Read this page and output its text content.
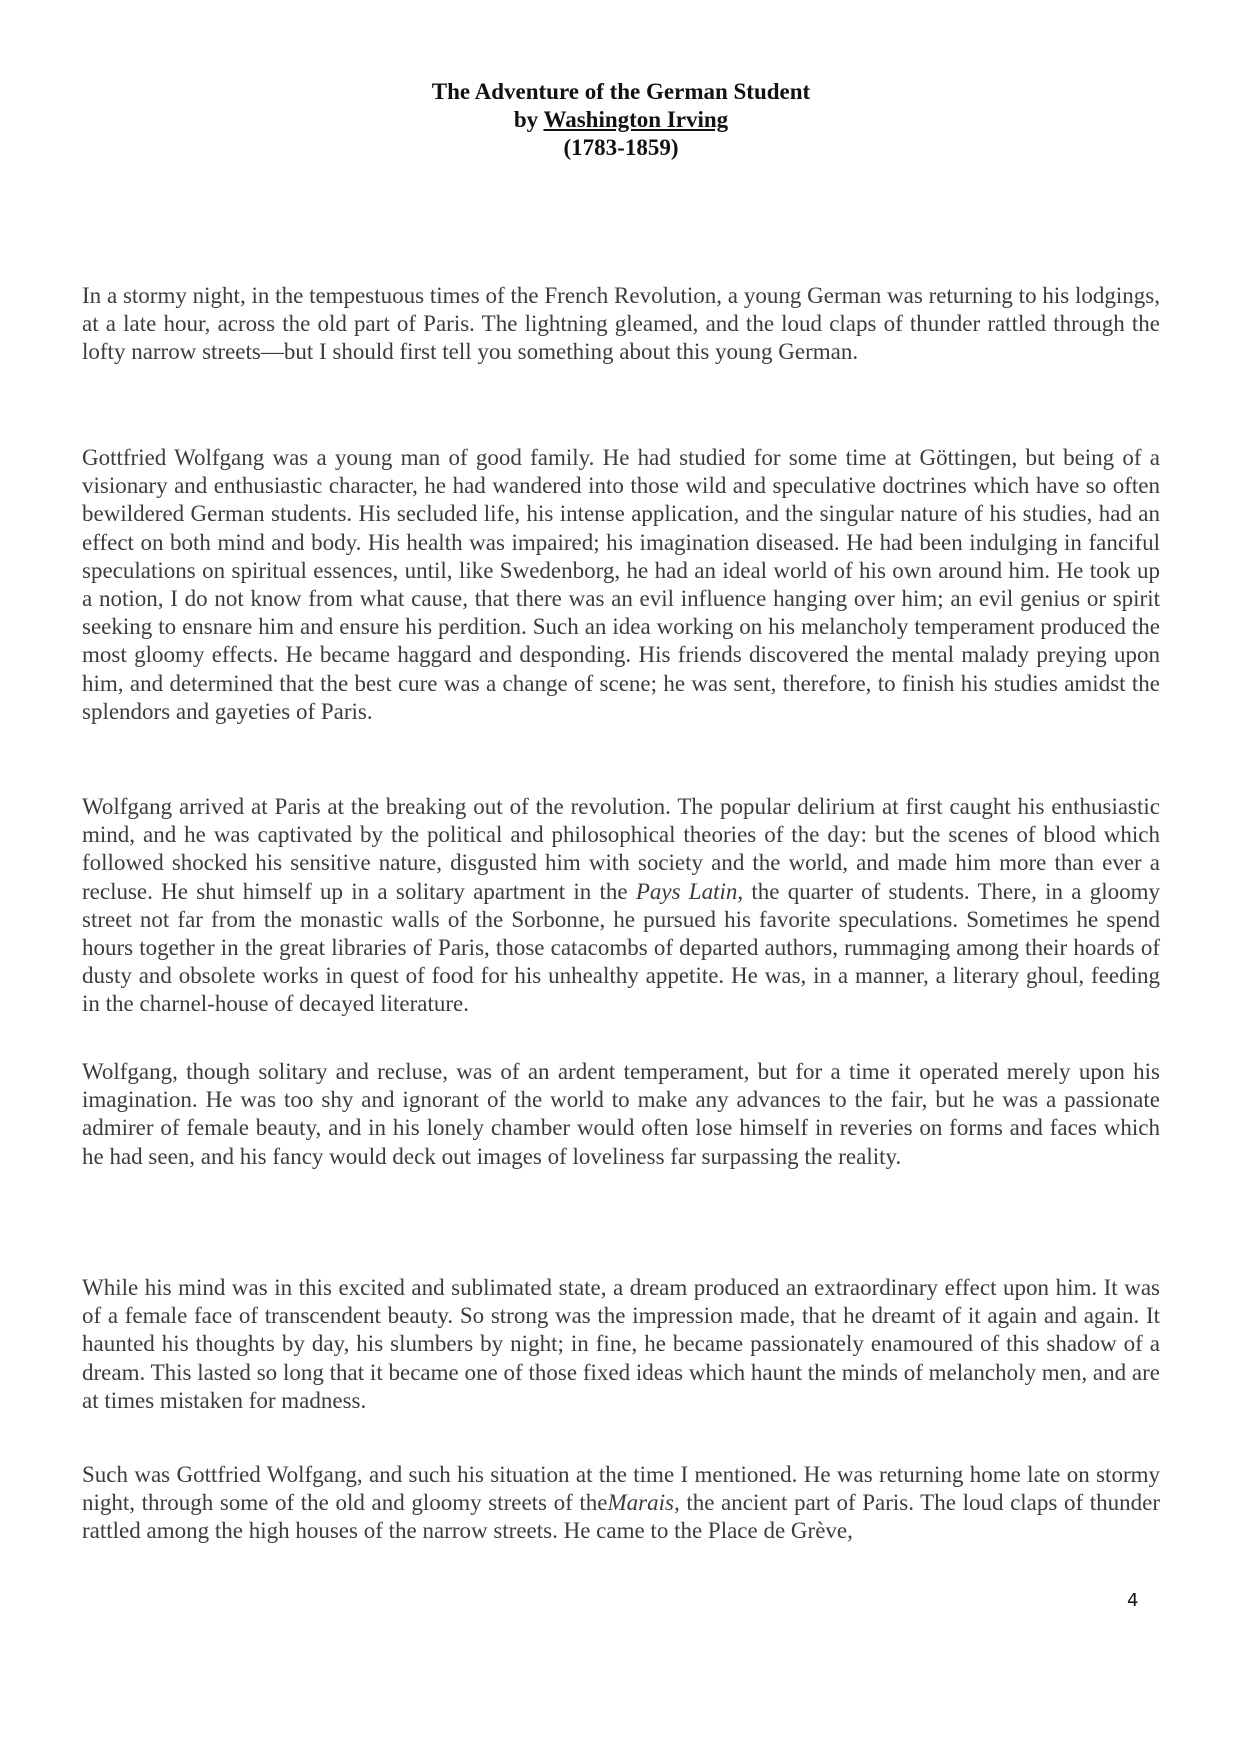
The Adventure of the German Student
by Washington Irving
(1783-1859)

In a stormy night, in the tempestuous times of the French Revolution, a young German was returning to his lodgings, at a late hour, across the old part of Paris. The lightning gleamed, and the loud claps of thunder rattled through the lofty narrow streets—but I should first tell you something about this young German.

Gottfried Wolfgang was a young man of good family. He had studied for some time at Göttingen, but being of a visionary and enthusiastic character, he had wandered into those wild and speculative doctrines which have so often bewildered German students. His secluded life, his intense application, and the singular nature of his studies, had an effect on both mind and body. His health was impaired; his imagination diseased. He had been indulging in fanciful speculations on spiritual essences, until, like Swedenborg, he had an ideal world of his own around him. He took up a notion, I do not know from what cause, that there was an evil influence hanging over him; an evil genius or spirit seeking to ensnare him and ensure his perdition. Such an idea working on his melancholy temperament produced the most gloomy effects. He became haggard and desponding. His friends discovered the mental malady preying upon him, and determined that the best cure was a change of scene; he was sent, therefore, to finish his studies amidst the splendors and gayeties of Paris.

Wolfgang arrived at Paris at the breaking out of the revolution. The popular delirium at first caught his enthusiastic mind, and he was captivated by the political and philosophical theories of the day: but the scenes of blood which followed shocked his sensitive nature, disgusted him with society and the world, and made him more than ever a recluse. He shut himself up in a solitary apartment in the Pays Latin, the quarter of students. There, in a gloomy street not far from the monastic walls of the Sorbonne, he pursued his favorite speculations. Sometimes he spend hours together in the great libraries of Paris, those catacombs of departed authors, rummaging among their hoards of dusty and obsolete works in quest of food for his unhealthy appetite. He was, in a manner, a literary ghoul, feeding in the charnel-house of decayed literature.

Wolfgang, though solitary and recluse, was of an ardent temperament, but for a time it operated merely upon his imagination. He was too shy and ignorant of the world to make any advances to the fair, but he was a passionate admirer of female beauty, and in his lonely chamber would often lose himself in reveries on forms and faces which he had seen, and his fancy would deck out images of loveliness far surpassing the reality.

While his mind was in this excited and sublimated state, a dream produced an extraordinary effect upon him. It was of a female face of transcendent beauty. So strong was the impression made, that he dreamt of it again and again. It haunted his thoughts by day, his slumbers by night; in fine, he became passionately enamoured of this shadow of a dream. This lasted so long that it became one of those fixed ideas which haunt the minds of melancholy men, and are at times mistaken for madness.

Such was Gottfried Wolfgang, and such his situation at the time I mentioned. He was returning home late on stormy night, through some of the old and gloomy streets of theMarais, the ancient part of Paris. The loud claps of thunder rattled among the high houses of the narrow streets. He came to the Place de Grève,

4
